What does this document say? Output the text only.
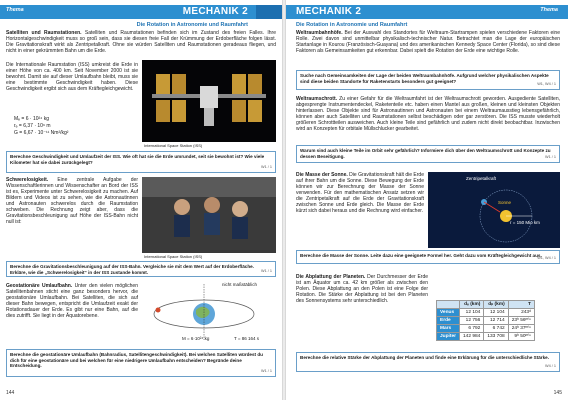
Thema	MECHANIK 2
Die Rotation in Astronomie und Raumfahrt
Satelliten und Raumstationen. Satelliten und Raumstationen befinden sich im Zustand des freien Falles. Ihre Horizontalgeschwindigkeit muss so groß sein, dass sie diesen freie Fall der Krümmung der Erdoberfläche folgen lässt. Die Gravitationskraft wirkt als Zentripetalkraft. Ohne sie würden Satelliten und Raumstationen geradeaus fliegen, und nicht in einer gekrümmten Bahn um die Erde.
Die Internationale Raumstation (ISS) umkreist die Erde in einer Höhe von ca. 400 km. Seit November 2000 ist sie bewohnt. Damit sie auf dieser Umlaufbahn bleibt, muss sie eine bestimmte Geschwindigkeit haben. Diese Geschwindigkeit ergibt sich aus dem Kräftegleichgewicht.
Mₑ = 6 · 10²⁴ kg
rₑ = 6,37 · 10⁶ m
G = 6,67 · 10⁻¹¹ Nm²/kg²
International Space Station (ISS)
Berechne Geschwindigkeit und Umlaufzeit der ISS. Wie oft hat sie die Erde umrundet, seit sie bewohnt ist? Wie viele Kilometer hat sie dabei zurückgelegt?
W1 / 1
Schwerelosigkeit. Eine zentrale Aufgabe der Wissenschaftlerinnen und Wissenschafter an Bord der ISS ist es, Experimente unter Schwerelosigkeit zu machen. Auf Bildern und Videos ist zu sehen, wie die Astronautinnen und Astronauten schwerelos durch die Raumstation schweben. Die Rechnung zeigt aber, dass die Gravitationsbeschleunigung auf Höhe der ISS-Bahn nicht null ist:
International Space Station (ISS)
Berechne die Gravitationsbeschleunigung auf der ISS-Bahn. Vergleiche sie mit dem Wert auf der Erdoberfläche. Erkläre, wie die „Schwerelosigkeit“ in der ISS zustande kommt.	W1 / 1
Geostationäre Umlaufbahn. Unter den vielen möglichen Satellitenbahnen sticht eine ganz besonders hervor, die geostationäre Umlaufbahn. Bei Satelliten, die sich auf dieser Bahn bewegen, entspricht die Umlaufzeit exakt der Rotationsdauer der Erde. Es gibt nur eine Bahn, auf die dies zutrifft. Sie liegt in der Äquatorebene.
nicht maßstäblich
M = 6·10²⁴ kg	T = 86 164 s
Berechne die geostationäre Umlaufbahn (Bahnradius, Satellitengeschwindigkeit). Bei welchen Satelliten würdest du dich für eine geostationäre und bei welchen für eine niedrigere Umlaufbahn entscheiden? Begründe deine Entscheidung.
W1 / 1
144
MECHANIK 2	Thema
Die Rotation in Astronomie und Raumfahrt
Weltraumbahnhöfe. Bei der Auswahl des Standortes für Weltraum-Startrampen spielen verschiedene Faktoren eine Rolle. Zwei davon sind unmittelbar physikalisch-technischer Natur. Betrachtet man die Lage der europäischen Startanlage in Kourou (Französisch-Guayana) und des amerikanischen Kennedy Space Center (Florida), so sind diese Faktoren als Gemeinsamkeiten gut erkennbar. Dabei spielt die Rotation der Erde eine wichtige Rolle.
Suche nach Gemeinsamkeiten der Lage der beiden Weltraumbahnhöfe. Aufgrund welcher physikalischen Aspekte sind diese beiden Standorte für Raketenstarts besonders gut geeignet?
W1, W4 / 1
Weltraumschrott. Zu einer Gefahr für die Weltraumfahrt ist der Weltraumschrott geworden. Ausgediente Satelliten, abgesprengte Instrumentendeckel, Raketenteile etc. haben einen Mantel aus großen, kleinen und kleinsten Objekten hinterlassen. Diese Objekte sind für Astronautinnen und Astronauten bei einem Weltraumausstieg lebensgefährlich, können aber auch Satelliten und Raumstationen selbst beschädigen oder gar zerstören. Die ISS musste wiederholt größeren Schrottteilen ausweichen. Auch kleine Teile sind gefährlich und zudem nicht direkt beobachtbar. Inzwischen wird an Konzepten für orbitale Müllschlucker gearbeitet.
Warum sind auch kleine Teile im Orbit sehr gefährlich? Informiere dich über den Weltraumschrott und Konzepte zu dessen Beseitigung.	W1 / 1
Die Masse der Sonne. Die Gravitationskraft hält die Erde auf ihrer Bahn um die Sonne. Diese Bewegung der Erde können wir zur Berechnung der Masse der Sonne verwenden. Für den mathematischen Ansatz setzen wir die Zentripetalkraft auf die Erde der Gravitationskraft zwischen Sonne und Erde gleich. Die Masse der Erde kürzt sich dabei heraus und die Rechnung wird einfacher.
Zentripetalkraft
Sonne
r = 150 Mio km
Berechne die Masse der Sonne. Leite dazu eine geeignete Formel her. Geht dazu vom Kräftegleichgewicht aus.
W1, W4 / 1
Die Abplattung der Planeten. Der Durchmesser der Erde ist am Äquator um ca. 42 km größer als zwischen den Polen. Diese Abplattung an den Polen ist eine Folge der Rotation. Die Stärke der Abplattung ist bei den Planeten des Sonnensystems sehr unterschiedlich.
	dₑ (km)	dₚ (km)	T
Venus	12 104	12 104	243ᵈ
Erde	12 756	12 714	23ʰ 56ᵐⁱⁿ
Mars	6 792	6 742	24ʰ 37ᵐⁱⁿ
Jupiter	142 984	133 708	9ʰ 50ᵐⁱⁿ
Berechne die relative Stärke der Abplattung der Planeten und finde eine Erklärung für die unterschiedliche Stärke.
W4 / 1
145
